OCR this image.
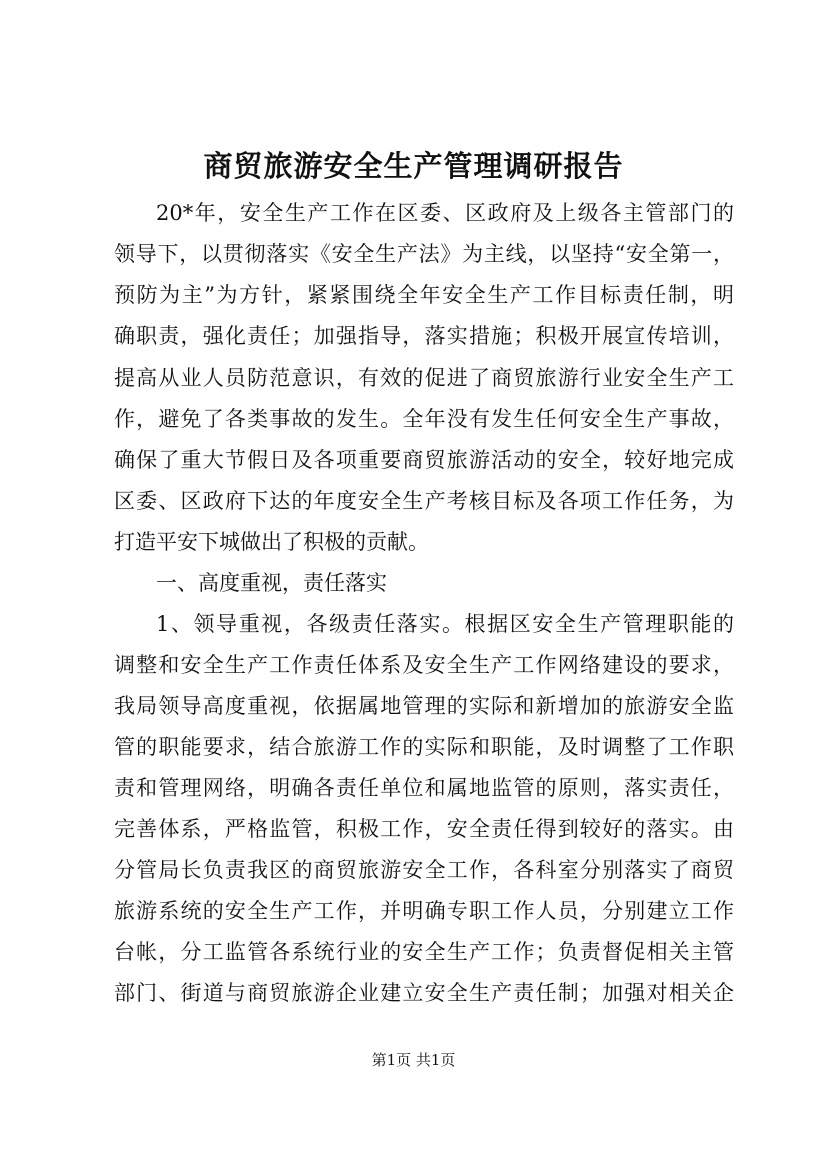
商贸旅游安全生产管理调研报告

20*年，安全生产工作在区委、区政府及上级各主管部门的

领导下，以贯彻落实《安全生产法》为主线，以坚持“安全第一，

预防为主”为方针，紧紧围绕全年安全生产工作目标责任制，明

确职责，强化责任；加强指导，落实措施；积极开展宣传培训，

提高从业人员防范意识，有效的促进了商贸旅游行业安全生产工

作，避免了各类事故的发生。全年没有发生任何安全生产事故，

确保了重大节假日及各项重要商贸旅游活动的安全，较好地完成

区委、区政府下达的年度安全生产考核目标及各项工作任务，为

打造平安下城做出了积极的贡献。

一、高度重视，责任落实

1、领导重视，各级责任落实。根据区安全生产管理职能的

调整和安全生产工作责任体系及安全生产工作网络建设的要求，

我局领导高度重视，依据属地管理的实际和新增加的旅游安全监

管的职能要求，结合旅游工作的实际和职能，及时调整了工作职

责和管理网络，明确各责任单位和属地监管的原则，落实责任，

完善体系，严格监管，积极工作，安全责任得到较好的落实。由

分管局长负责我区的商贸旅游安全工作，各科室分别落实了商贸

旅游系统的安全生产工作，并明确专职工作人员，分别建立工作

台帐，分工监管各系统行业的安全生产工作；负责督促相关主管

部门、街道与商贸旅游企业建立安全生产责任制；加强对相关企

第1页 共1页
